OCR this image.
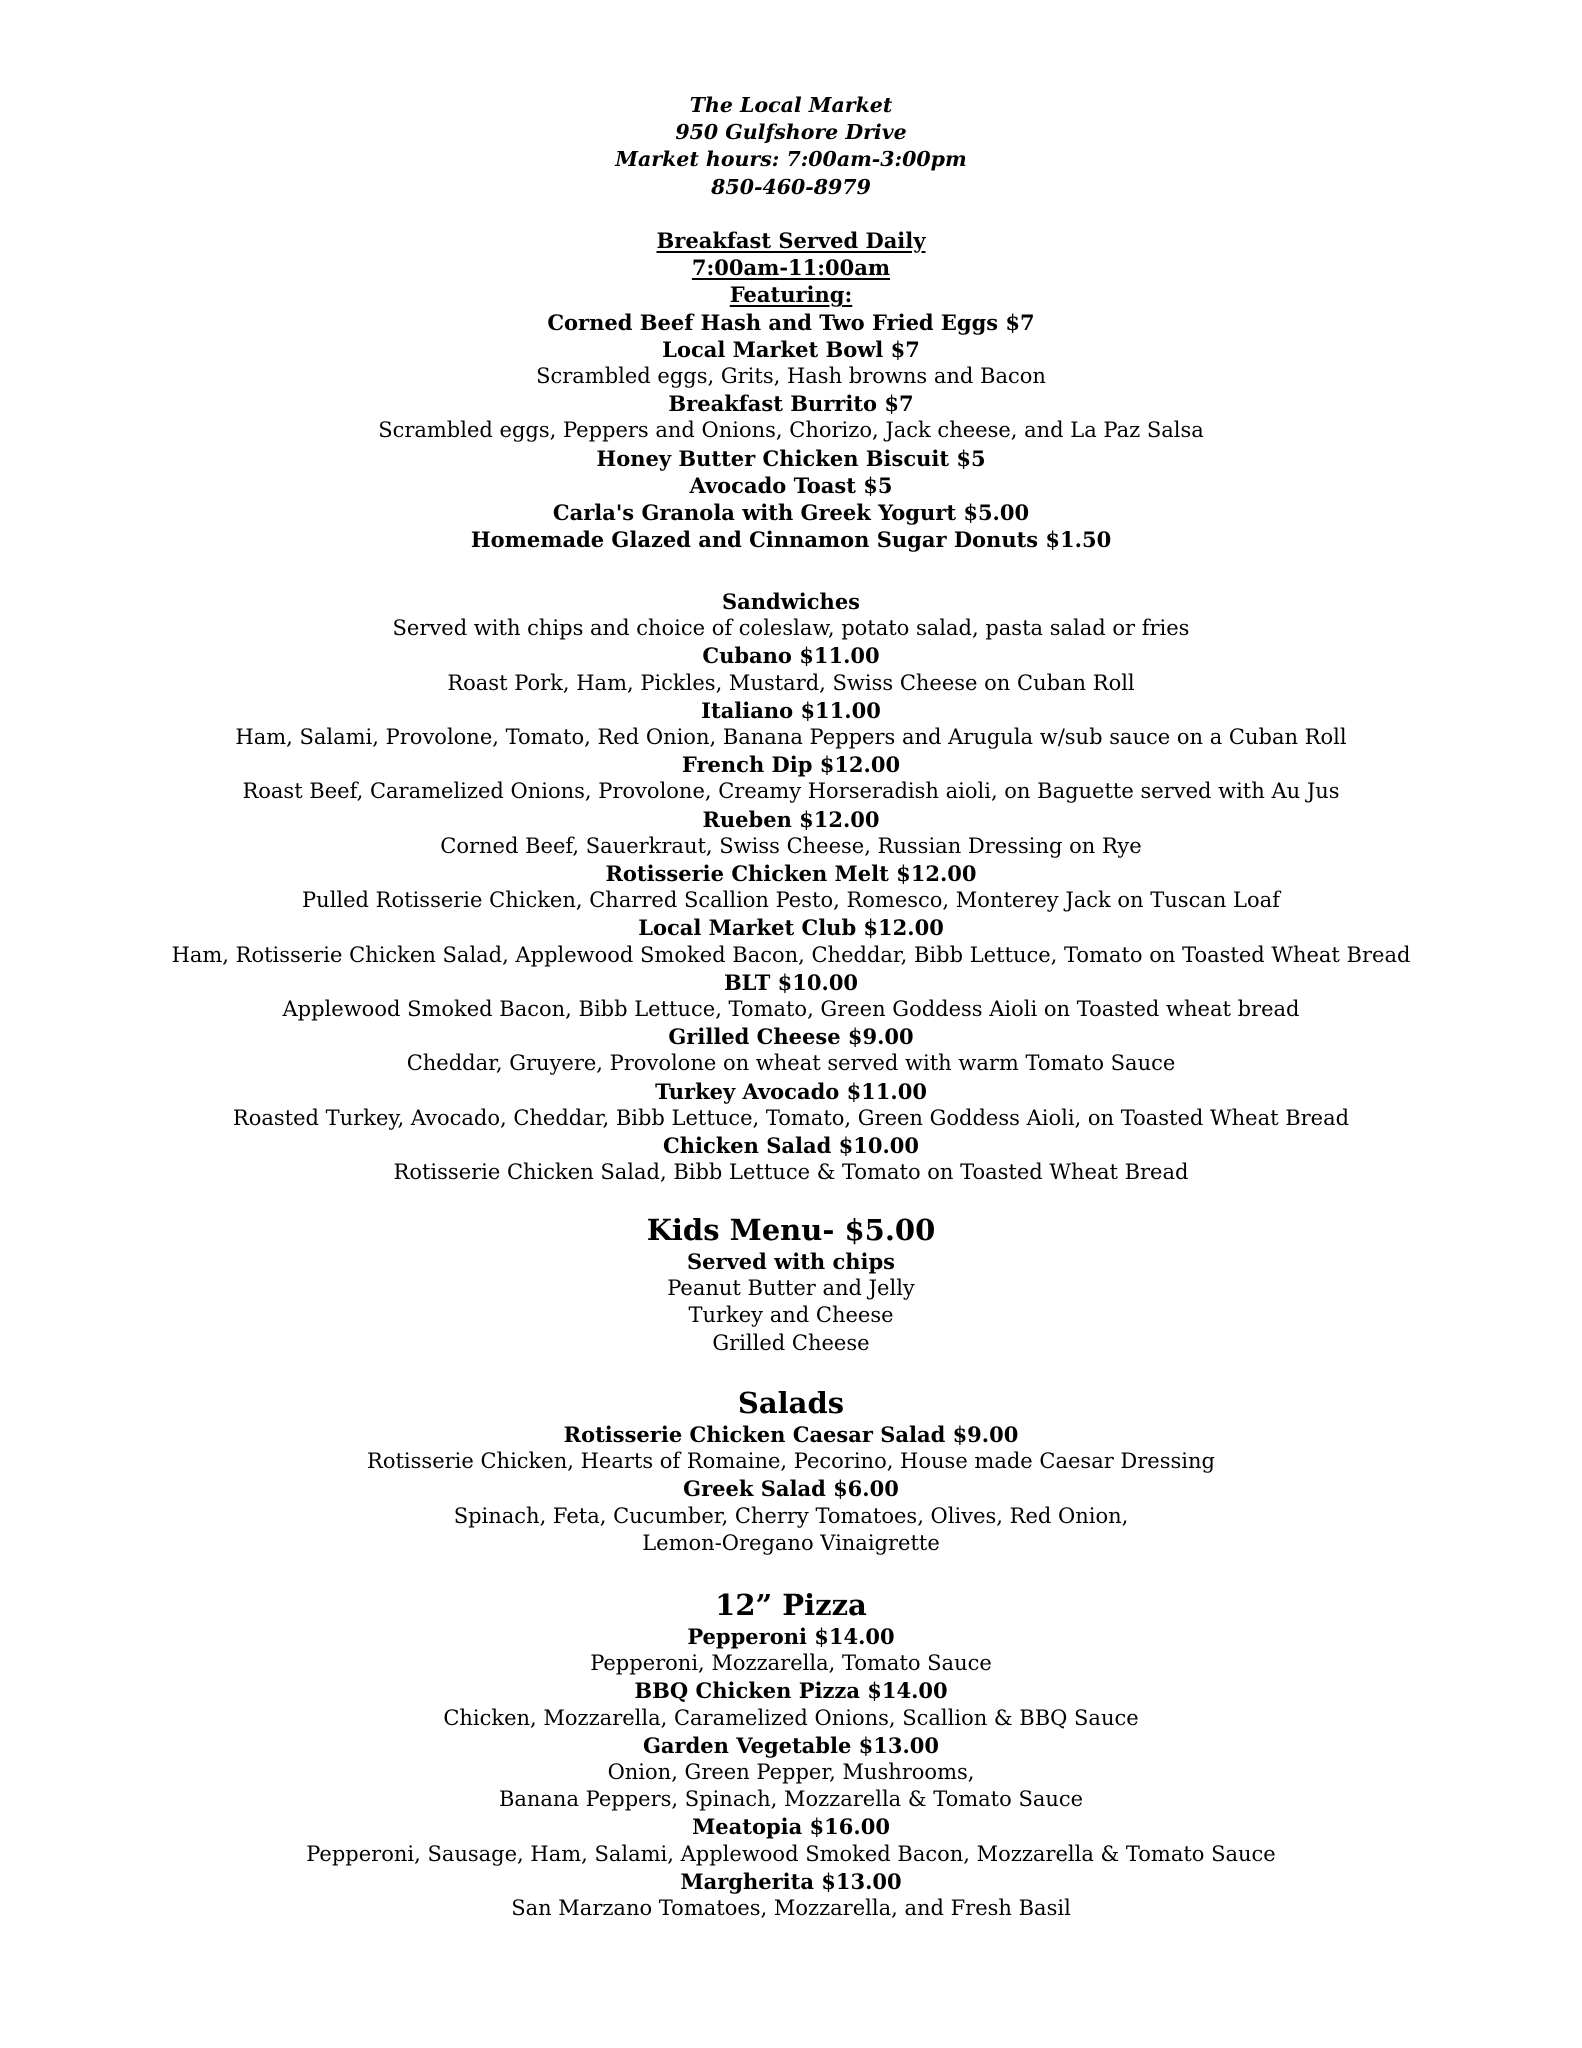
The Local Market
950 Gulfshore Drive
Market hours: 7:00am-3:00pm
850-460-8979
Breakfast Served Daily
7:00am-11:00am
Featuring:
Corned Beef Hash and Two Fried Eggs $7
Local Market Bowl $7
Scrambled eggs, Grits, Hash browns and Bacon
Breakfast Burrito $7
Scrambled eggs, Peppers and Onions, Chorizo, Jack cheese, and La Paz Salsa
Honey Butter Chicken Biscuit $5
Avocado Toast $5
Carla's Granola with Greek Yogurt $5.00
Homemade Glazed and Cinnamon Sugar Donuts $1.50
Sandwiches
Served with chips and choice of coleslaw, potato salad, pasta salad or fries
Cubano $11.00
Roast Pork, Ham, Pickles, Mustard, Swiss Cheese on Cuban Roll
Italiano $11.00
Ham, Salami, Provolone, Tomato, Red Onion, Banana Peppers and Arugula w/sub sauce on a Cuban Roll
French Dip $12.00
Roast Beef, Caramelized Onions, Provolone, Creamy Horseradish aioli, on Baguette served with Au Jus
Rueben $12.00
Corned Beef, Sauerkraut, Swiss Cheese, Russian Dressing on Rye
Rotisserie Chicken Melt $12.00
Pulled Rotisserie Chicken, Charred Scallion Pesto, Romesco, Monterey Jack on Tuscan Loaf
Local Market Club $12.00
Ham, Rotisserie Chicken Salad, Applewood Smoked Bacon, Cheddar, Bibb Lettuce, Tomato on Toasted Wheat Bread
BLT $10.00
Applewood Smoked Bacon, Bibb Lettuce, Tomato, Green Goddess Aioli on Toasted wheat bread
Grilled Cheese $9.00
Cheddar, Gruyere, Provolone on wheat served with warm Tomato Sauce
Turkey Avocado $11.00
Roasted Turkey, Avocado, Cheddar, Bibb Lettuce, Tomato, Green Goddess Aioli, on Toasted Wheat Bread
Chicken Salad $10.00
Rotisserie Chicken Salad, Bibb Lettuce & Tomato on Toasted Wheat Bread
Kids Menu- $5.00
Served with chips
Peanut Butter and Jelly
Turkey and Cheese
Grilled Cheese
Salads
Rotisserie Chicken Caesar Salad $9.00
Rotisserie Chicken, Hearts of Romaine, Pecorino, House made Caesar Dressing
Greek Salad $6.00
Spinach, Feta, Cucumber, Cherry Tomatoes, Olives, Red Onion,
Lemon-Oregano Vinaigrette
12” Pizza
Pepperoni $14.00
Pepperoni, Mozzarella, Tomato Sauce
BBQ Chicken Pizza $14.00
Chicken, Mozzarella, Caramelized Onions, Scallion & BBQ Sauce
Garden Vegetable $13.00
Onion, Green Pepper, Mushrooms,
Banana Peppers, Spinach, Mozzarella & Tomato Sauce
Meatopia $16.00
Pepperoni, Sausage, Ham, Salami, Applewood Smoked Bacon, Mozzarella & Tomato Sauce
Margherita $13.00
San Marzano Tomatoes, Mozzarella, and Fresh Basil
